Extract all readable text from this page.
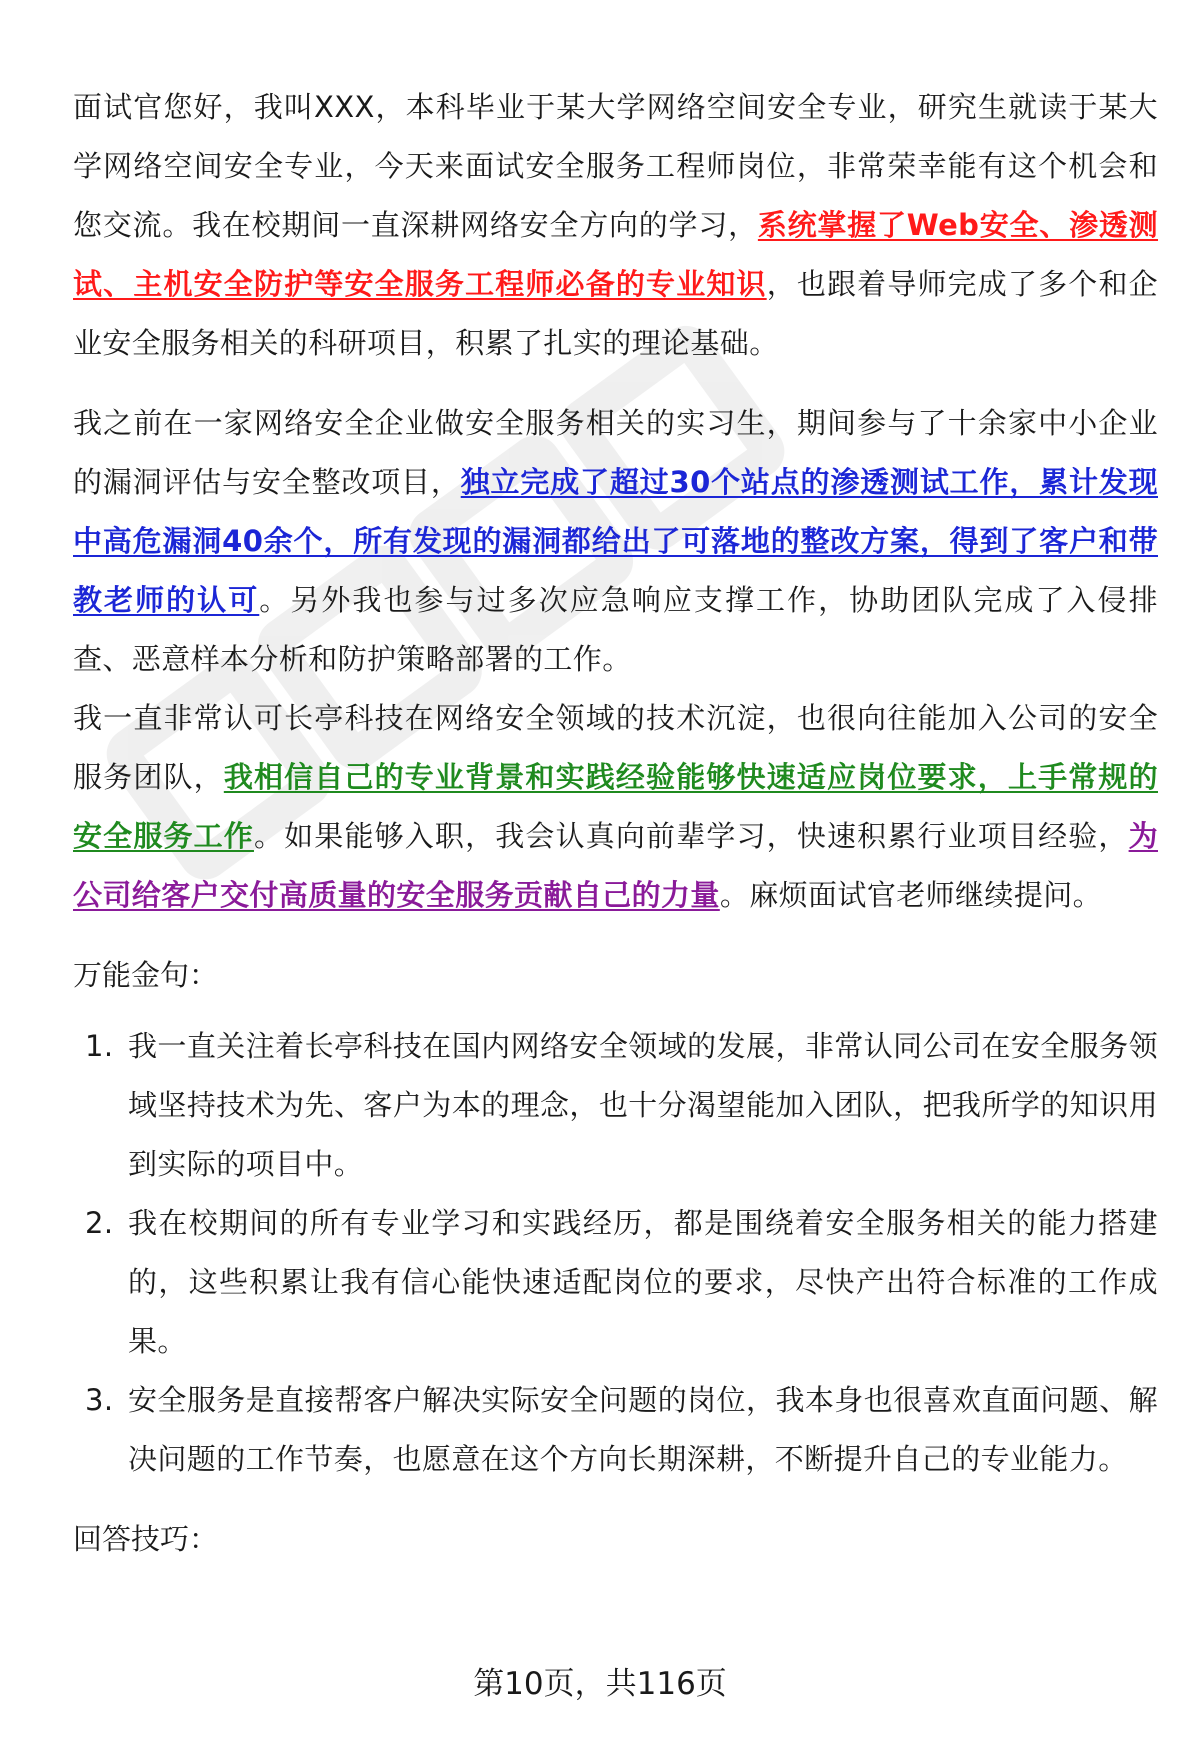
面试官您好，我叫XXX，本科毕业于某大学网络空间安全专业，研究生就读于某大学网络空间安全专业，今天来面试安全服务工程师岗位，非常荣幸能有这个机会和您交流。我在校期间一直深耕网络安全方向的学习，系统掌握了Web安全、渗透测试、主机安全防护等安全服务工程师必备的专业知识，也跟着导师完成了多个和企业安全服务相关的科研项目，积累了扎实的理论基础。

我之前在一家网络安全企业做安全服务相关的实习生，期间参与了十余家中小企业的漏洞评估与安全整改项目，独立完成了超过30个站点的渗透测试工作，累计发现中高危漏洞40余个，所有发现的漏洞都给出了可落地的整改方案，得到了客户和带教老师的认可。另外我也参与过多次应急响应支撑工作，协助团队完成了入侵排查、恶意样本分析和防护策略部署的工作。

我一直非常认可长亭科技在网络安全领域的技术沉淀，也很向往能加入公司的安全服务团队，我相信自己的专业背景和实践经验能够快速适应岗位要求，上手常规的安全服务工作。如果能够入职，我会认真向前辈学习，快速积累行业项目经验，为公司给客户交付高质量的安全服务贡献自己的力量。麻烦面试官老师继续提问。

万能金句：

1. 我一直关注着长亭科技在国内网络安全领域的发展，非常认同公司在安全服务领域坚持技术为先、客户为本的理念，也十分渴望能加入团队，把我所学的知识用到实际的项目中。
2. 我在校期间的所有专业学习和实践经历，都是围绕着安全服务相关的能力搭建的，这些积累让我有信心能快速适配岗位的要求，尽快产出符合标准的工作成果。
3. 安全服务是直接帮客户解决实际安全问题的岗位，我本身也很喜欢直面问题、解决问题的工作节奏，也愿意在这个方向长期深耕，不断提升自己的专业能力。

回答技巧：

第10页，共116页
